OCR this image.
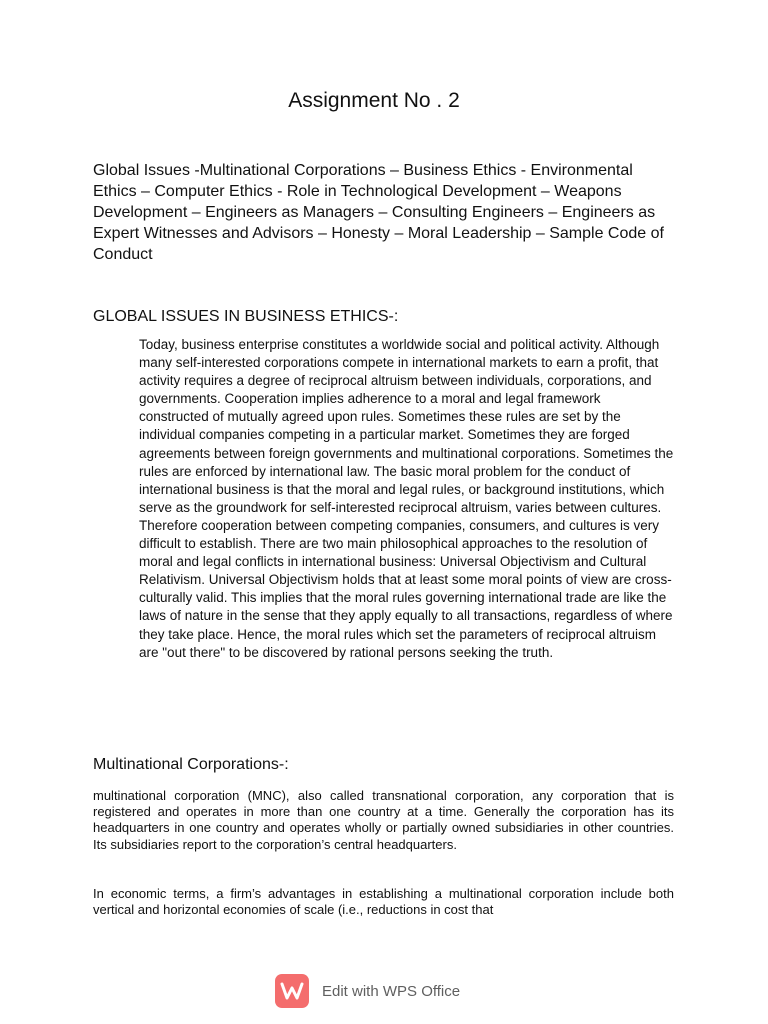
Assignment No . 2

Global Issues -Multinational Corporations – Business Ethics - Environmental Ethics – Computer Ethics - Role in Technological Development – Weapons Development – Engineers as Managers – Consulting Engineers – Engineers as Expert Witnesses and Advisors – Honesty – Moral Leadership – Sample Code of Conduct

GLOBAL ISSUES IN BUSINESS ETHICS-:

Today, business enterprise constitutes a worldwide social and political activity. Although many self-interested corporations compete in international markets to earn a profit, that activity requires a degree of reciprocal altruism between individuals, corporations, and governments. Cooperation implies adherence to a moral and legal framework constructed of mutually agreed upon rules. Sometimes these rules are set by the individual companies competing in a particular market. Sometimes they are forged agreements between foreign governments and multinational corporations. Sometimes the rules are enforced by international law. The basic moral problem for the conduct of international business is that the moral and legal rules, or background institutions, which serve as the groundwork for self-interested reciprocal altruism, varies between cultures. Therefore cooperation between competing companies, consumers, and cultures is very difficult to establish. There are two main philosophical approaches to the resolution of moral and legal conflicts in international business: Universal Objectivism and Cultural Relativism. Universal Objectivism holds that at least some moral points of view are cross-culturally valid. This implies that the moral rules governing international trade are like the laws of nature in the sense that they apply equally to all transactions, regardless of where they take place. Hence, the moral rules which set the parameters of reciprocal altruism are "out there" to be discovered by rational persons seeking the truth.

Multinational Corporations-:

multinational corporation (MNC), also called transnational corporation, any corporation that is registered and operates in more than one country at a time. Generally the corporation has its headquarters in one country and operates wholly or partially owned subsidiaries in other countries. Its subsidiaries report to the corporation’s central headquarters.

In economic terms, a firm’s advantages in establishing a multinational corporation include both vertical and horizontal economies of scale (i.e., reductions in cost that

Edit with WPS Office
